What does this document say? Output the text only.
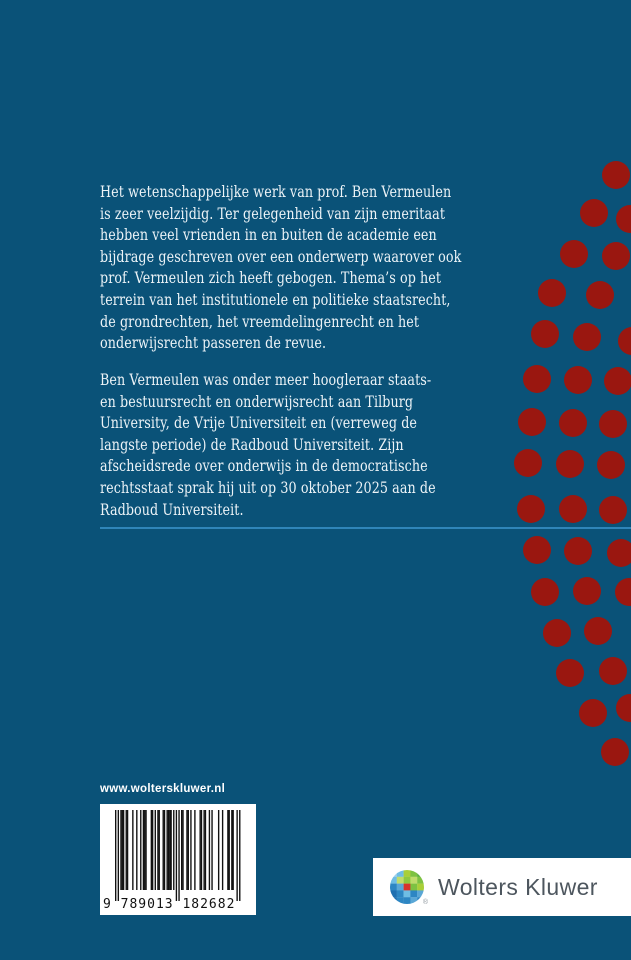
Het wetenschappelijke werk van prof. Ben Vermeulen
is zeer veelzijdig. Ter gelegenheid van zijn emeritaat
hebben veel vrienden in en buiten de academie een
bijdrage geschreven over een onderwerp waarover ook
prof. Vermeulen zich heeft gebogen. Thema’s op het
terrein van het institutionele en politieke staatsrecht,
de grondrechten, het vreemdelingenrecht en het
onderwijsrecht passeren de revue.
Ben Vermeulen was onder meer hoogleraar staats-
en bestuursrecht en onderwijsrecht aan Tilburg
University, de Vrije Universiteit en (verreweg de
langste periode) de Radboud Universiteit. Zijn
afscheidsrede over onderwijs in de democratische
rechtsstaat sprak hij uit op 30 oktober 2025 aan de
Radboud Universiteit.
www.wolterskluwer.nl
9 789013 182682	®
Wolters Kluwer
